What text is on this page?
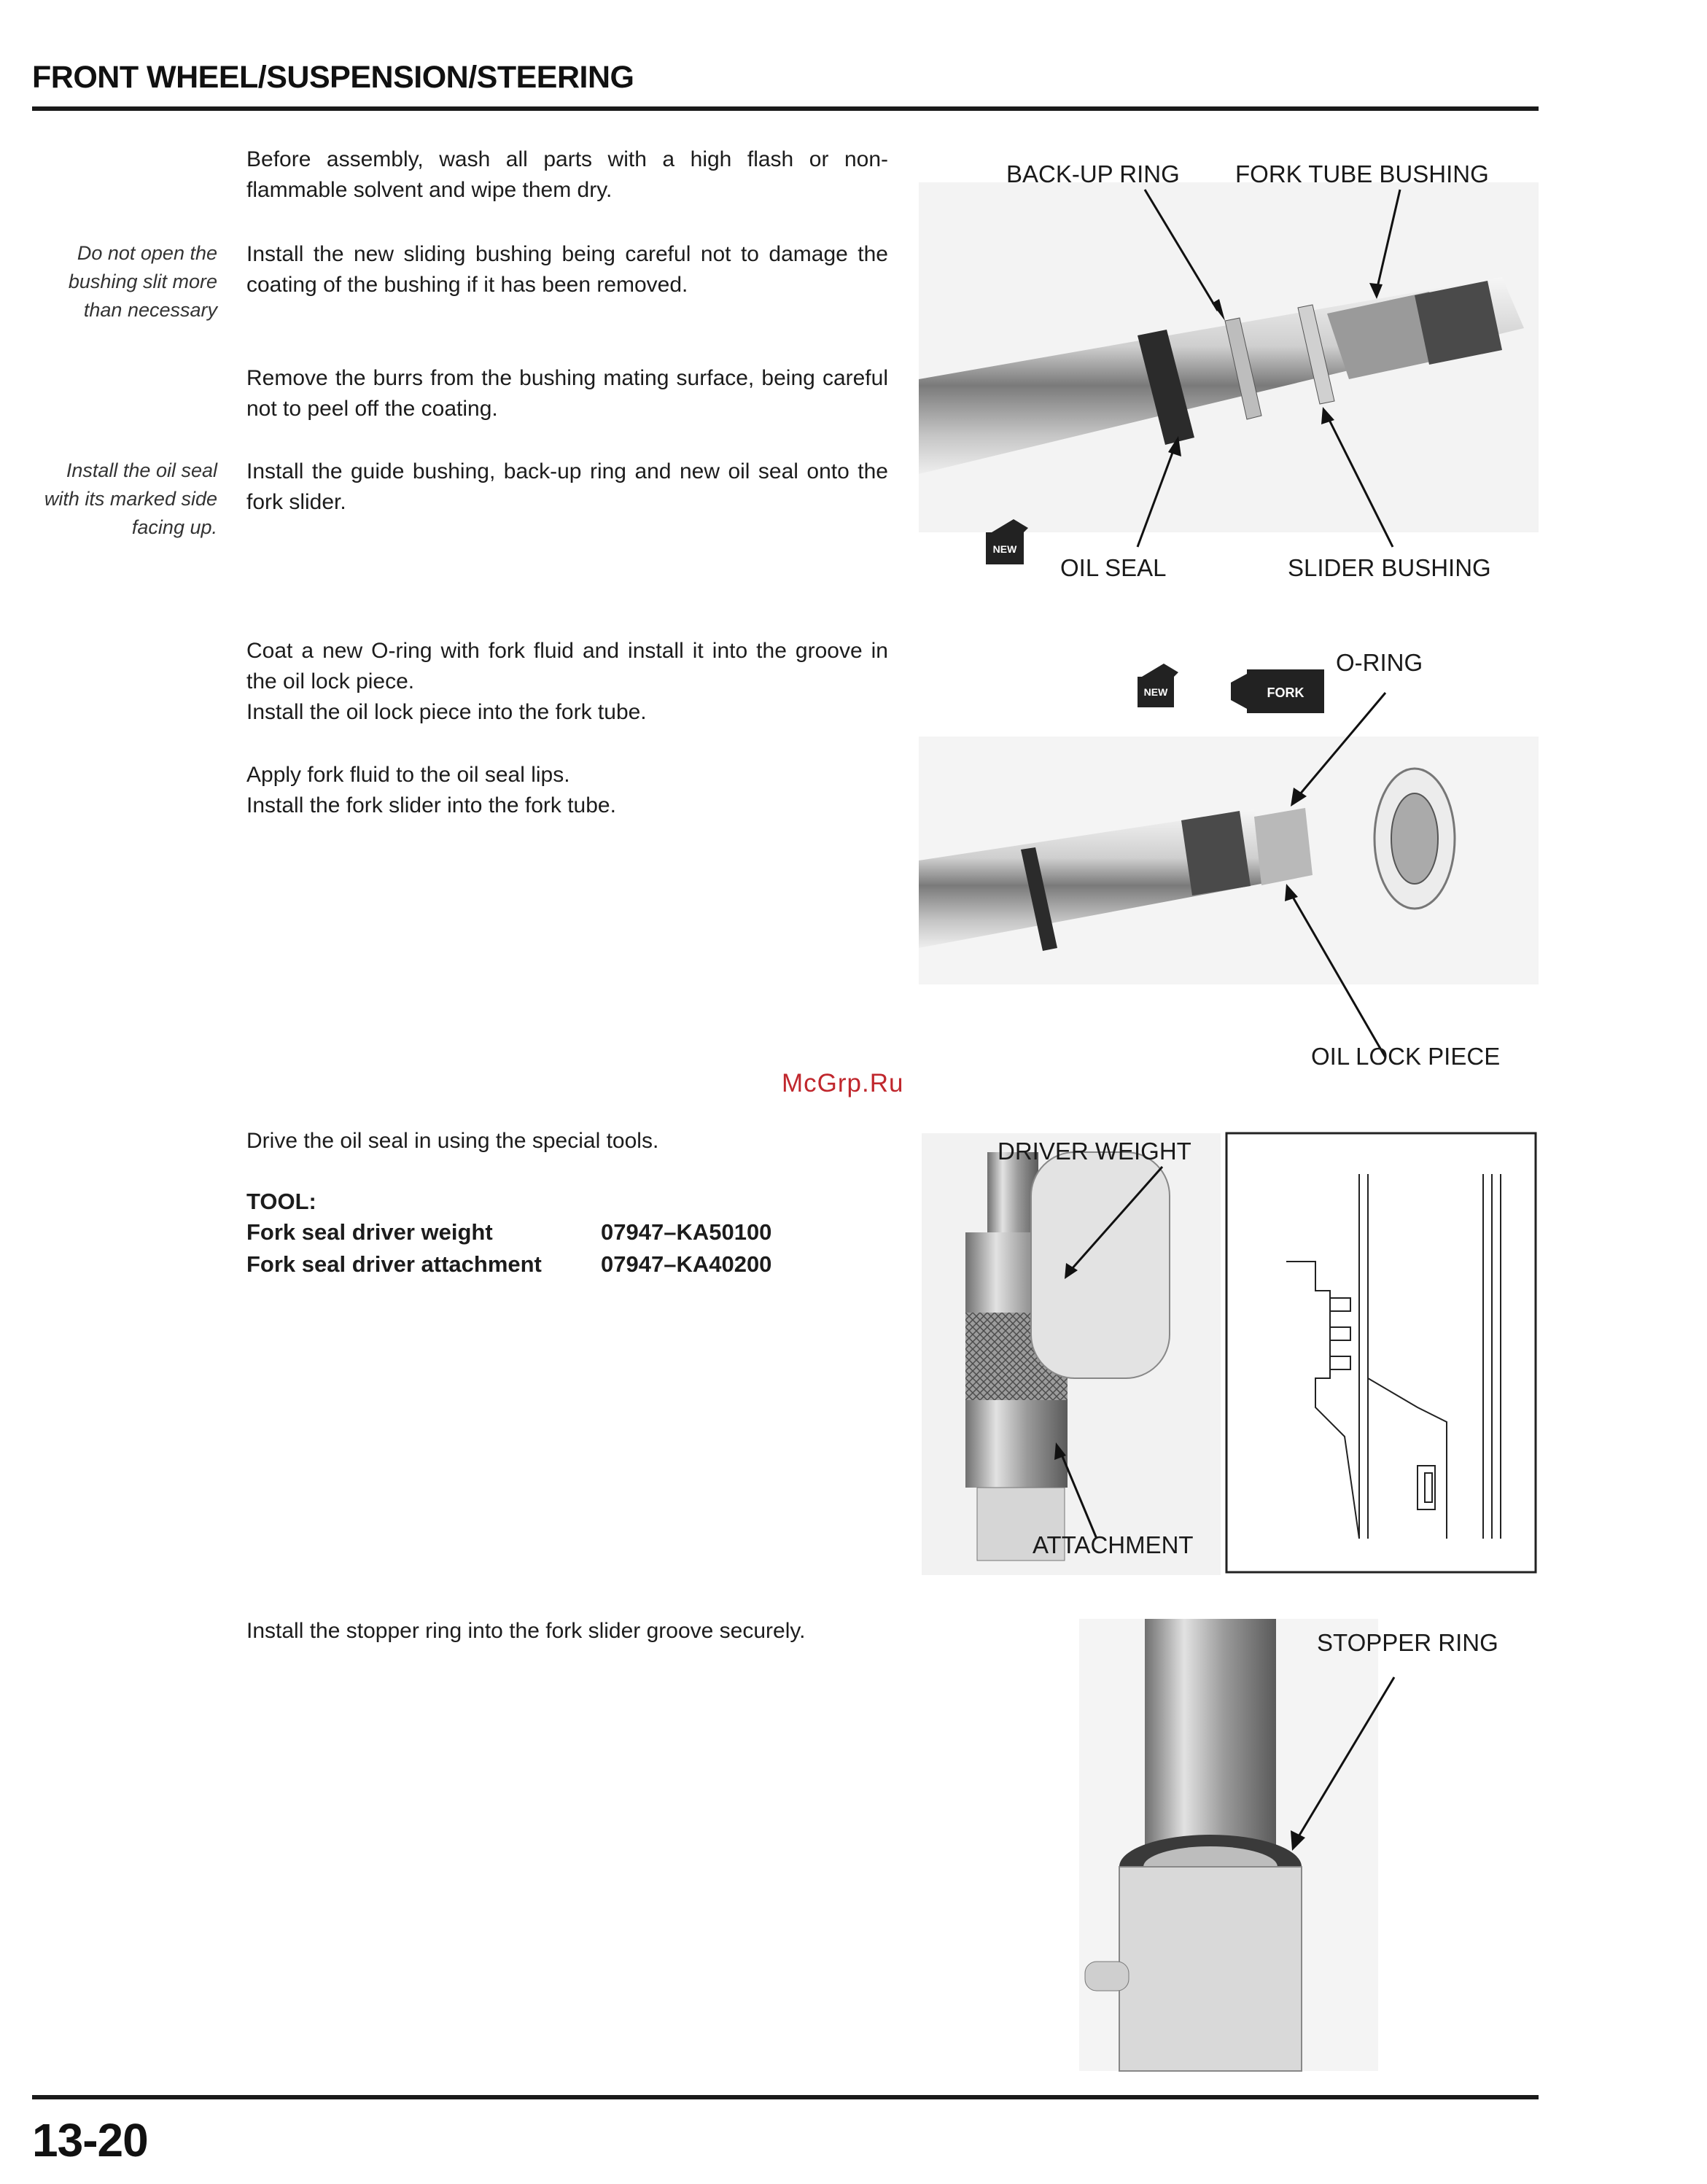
FRONT WHEEL/SUSPENSION/STEERING

Before assembly, wash all parts with a high flash or non-flammable solvent and wipe them dry.

Do not open the bushing slit more than necessary

Install the new sliding bushing being careful not to damage the coating of the bushing if it has been removed.

Remove the burrs from the bushing mating surface, being careful not to peel off the coating.

Install the oil seal with its marked side facing up.

Install the guide bushing, back-up ring and new oil seal onto the fork slider.

Coat a new O-ring with fork fluid and install it into the groove in the oil lock piece.

Install the oil lock piece into the fork tube.

Apply fork fluid to the oil seal lips.

Install the fork slider into the fork tube.

Drive the oil seal in using the special tools.

TOOL:
Fork seal driver weight	07947–KA50100
Fork seal driver attachment	07947–KA40200

Install the stopper ring into the fork slider groove securely.

McGrp.Ru
NEW
BACK-UP RING FORK TUBE BUSHING
OIL SEAL	SLIDER BUSHING
NEW	FORK
O-RING
OIL LOCK PIECE
DRIVER WEIGHT
ATTACHMENT
STOPPER RING
13-20
